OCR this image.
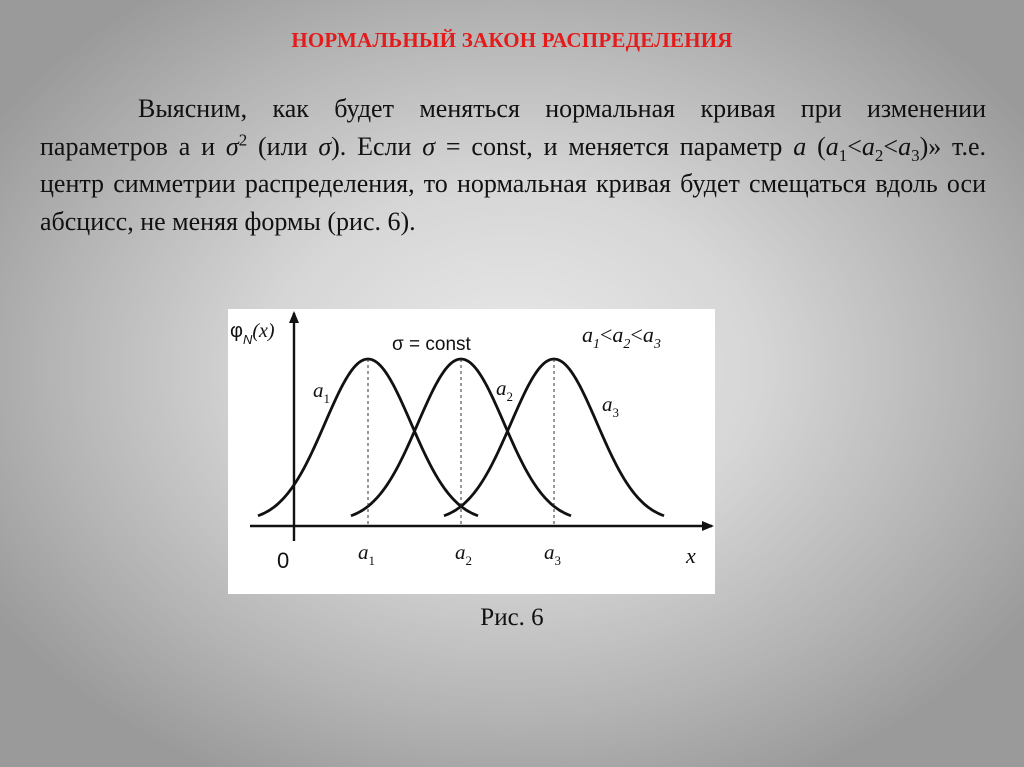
НОРМАЛЬНЫЙ ЗАКОН РАСПРЕДЕЛЕНИЯ
Выясним, как будет меняться нормальная кривая при изменении параметров а и $\sigma^2$ (или σ). Если σ = const, и меняется параметр a $(a_1<a_2<a_3)$» т.е. центр симметрии распределения, то нормальная кривая будет смещаться вдоль оси абсцисс, не меняя формы (рис. 6).
$\varphi_N(x)$
σ = const	$a_1<a_2<a_3$
$a_1$	$a_2$	$a_3$
0	$a_1$	$a_2$	$a_3$	x
Рис. 6
